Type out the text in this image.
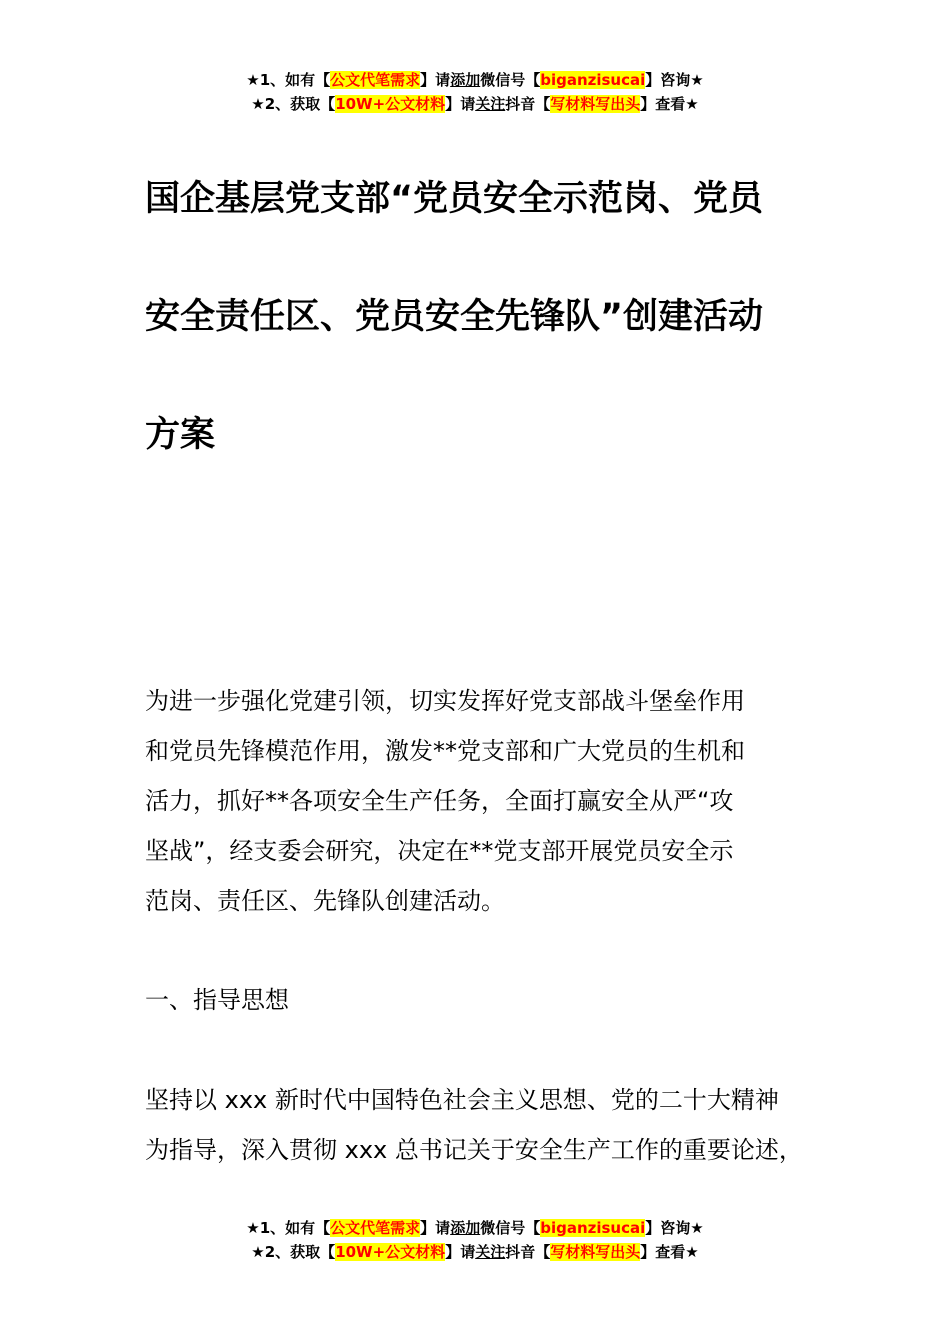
★1、如有【公文代笔需求】请添加微信号【biganzisucai】咨询★
★2、获取【10W+公文材料】请关注抖音【写材料写出头】查看★
国企基层党支部“党员安全示范岗、党员
安全责任区、党员安全先锋队”创建活动
方案

为进一步强化党建引领，切实发挥好党支部战斗堡垒作用
和党员先锋模范作用，激发**党支部和广大党员的生机和
活力，抓好**各项安全生产任务，全面打赢安全从严“攻
坚战”，经支委会研究，决定在**党支部开展党员安全示
范岗、责任区、先锋队创建活动。

一、指导思想

坚持以 xxx 新时代中国特色社会主义思想、党的二十大精神
为指导，深入贯彻 xxx 总书记关于安全生产工作的重要论述，

★1、如有【公文代笔需求】请添加微信号【biganzisucai】咨询★
★2、获取【10W+公文材料】请关注抖音【写材料写出头】查看★
